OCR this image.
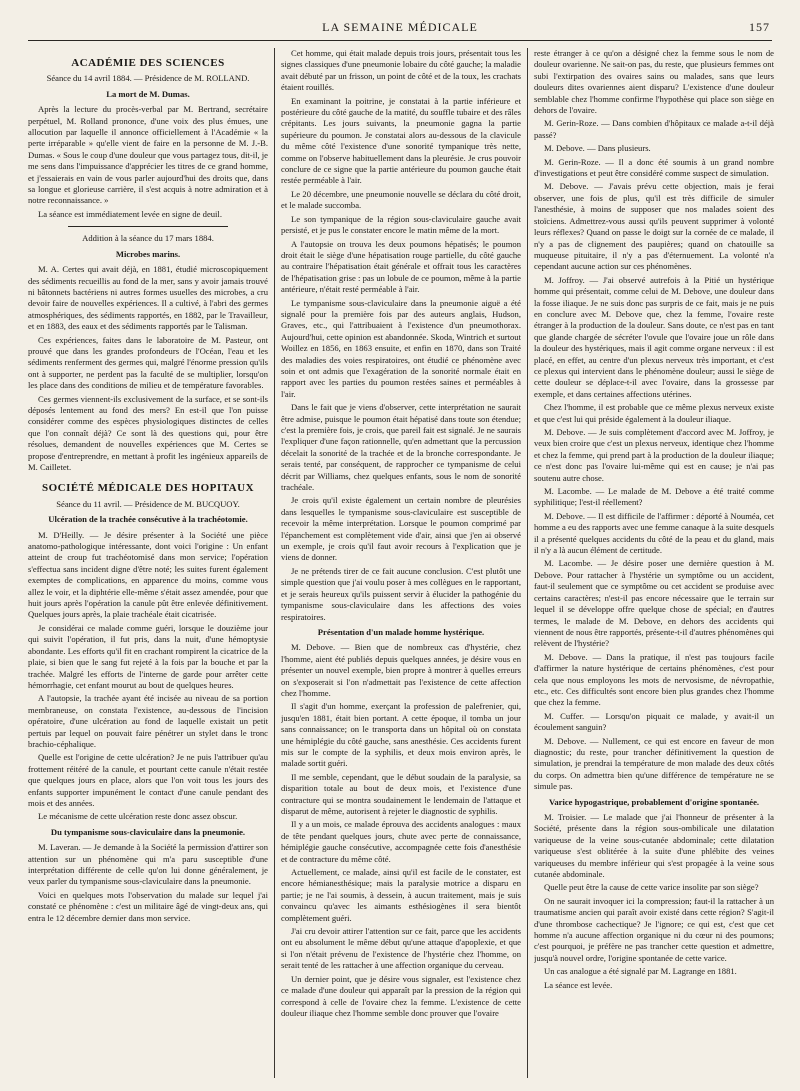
LA SEMAINE MÉDICALE	157
ACADÉMIE DES SCIENCES
Séance du 14 avril 1884. — Présidence de M. ROLLAND.
La mort de M. Dumas.

Après la lecture du procès-verbal par M. Bertrand, secrétaire perpétuel, M. Rolland prononce, d'une voix des plus émues, une allocution par laquelle il annonce officiellement à l'Académie « la perte irréparable » qu'elle vient de faire en la personne de M. J.-B. Dumas. « Sous le coup d'une douleur que vous partagez tous, dit-il, je me sens dans l'impuissance d'apprécier les titres de ce grand homme, et j'essaierais en vain de vous parler aujourd'hui des droits que, dans sa longue et glorieuse carrière, il s'est acquis à notre admiration et à notre reconnaissance. »

La séance est immédiatement levée en signe de deuil.

Addition à la séance du 17 mars 1884.
Microbes marins.

M. A. Certes qui avait déjà, en 1881, étudié microscopiquement des sédiments recueillis au fond de la mer, sans y avoir jamais trouvé ni bâtonnets bactériens ni autres formes usuelles des microbes, a cru devoir faire de nouvelles expériences. Il a cultivé, à l'abri des germes atmosphériques, des sédiments rapportés, en 1882, par le Travailleur, et en 1883, des eaux et des sédiments rapportés par le Talisman.

Ces expériences, faites dans le laboratoire de M. Pasteur, ont prouvé que dans les grandes profondeurs de l'Océan, l'eau et les sédiments renferment des germes qui, malgré l'énorme pression qu'ils ont à supporter, ne perdent pas la faculté de se multiplier, lorsqu'on les place dans des conditions de milieu et de température favorables.

Ces germes viennent-ils exclusivement de la surface, et se sont-ils déposés lentement au fond des mers? En est-il que l'on puisse considérer comme des espèces physiologiques distinctes de celles que l'on connaît déjà? Ce sont là des questions qui, pour être résolues, demandent de nouvelles expériences que M. Certes se propose d'entreprendre, en mettant à profit les ingénieux appareils de M. Cailletet.

SOCIÉTÉ MÉDICALE DES HOPITAUX
Séance du 11 avril. — Présidence de M. BUCQUOY.
Ulcération de la trachée consécutive à la trachéotomie.

M. D'Heilly. — Je désire présenter à la Société une pièce anatomo-pathologique intéressante, dont voici l'origine : Un enfant atteint de croup fut trachéotomisé dans mon service; l'opération s'effectua sans incident digne d'être noté; les suites furent également exemptes de complications, en apparence du moins, comme vous allez le voir, et la diphtérie elle-même s'était assez amendée, pour que huit jours après l'opération la canule pût être enlevée définitivement. Quelques jours après, la plaie trachéale était cicatrisée.

Je considérai ce malade comme guéri, lorsque le douzième jour qui suivit l'opération, il fut pris, dans la nuit, d'une hémoptysie abondante. Les efforts qu'il fit en crachant rompirent la cicatrice de la plaie, si bien que le sang fut rejeté à la fois par la bouche et par la trachée. Malgré les efforts de l'interne de garde pour arrêter cette hémorrhagie, cet enfant mourut au bout de quelques heures.

A l'autopsie, la trachée ayant été incisée au niveau de sa portion membraneuse, on constata l'existence, au-dessous de l'incision opératoire, d'une ulcération au fond de laquelle existait un petit pertuis par lequel on pouvait faire pénétrer un stylet dans le tronc brachio-céphalique.

Quelle est l'origine de cette ulcération? Je ne puis l'attribuer qu'au frottement réitéré de la canule, et pourtant cette canule n'était restée que quelques jours en place, alors que l'on voit tous les jours des enfants supporter impunément le contact d'une canule pendant des mois et des années.

Le mécanisme de cette ulcération reste donc assez obscur.

Du tympanisme sous-claviculaire dans la pneumonie.

M. Laveran. — Je demande à la Société la permission d'attirer son attention sur un phénomène qui m'a paru susceptible d'une interprétation différente de celle qu'on lui donne généralement, je veux parler du tympanisme sous-claviculaire dans la pneumonie.

Voici en quelques mots l'observation du malade sur lequel j'ai constaté ce phénomène : c'est un militaire âgé de vingt-deux ans, qui entra le 12 décembre dernier dans mon service.

Cet homme, qui était malade depuis trois jours, présentait tous les signes classiques d'une pneumonie lobaire du côté gauche; la maladie avait débuté par un frisson, un point de côté et de la toux, les crachats étaient rouillés.

En examinant la poitrine, je constatai à la partie inférieure et postérieure du côté gauche de la matité, du souffle tubaire et des râles crépitants. Les jours suivants, la pneumonie gagna la partie supérieure du poumon. Je constatai alors au-dessous de la clavicule du même côté l'existence d'une sonorité tympanique très nette, comme on l'observe habituellement dans la pleurésie. Je crus pouvoir conclure de ce signe que la partie antérieure du poumon gauche était restée perméable à l'air.

Le 20 décembre, une pneumonie nouvelle se déclara du côté droit, et le malade succomba.

Le son tympanique de la région sous-claviculaire gauche avait persisté, et je pus le constater encore le matin même de la mort.

A l'autopsie on trouva les deux poumons hépatisés; le poumon droit était le siège d'une hépatisation rouge partielle, du côté gauche au contraire l'hépatisation était générale et offrait tous les caractères de l'hépatisation grise : pas un lobule de ce poumon, même à la partie antérieure, n'était resté perméable à l'air.

Le tympanisme sous-claviculaire dans la pneumonie aiguë a été signalé pour la première fois par des auteurs anglais, Hudson, Graves, etc., qui l'attribuaient à l'existence d'un pneumothorax. Aujourd'hui, cette opinion est abandonnée. Skoda, Wintrich et surtout Woillez en 1856, en 1863 ensuite, et enfin en 1870, dans son Traité des maladies des voies respiratoires, ont étudié ce phénomène avec soin et ont admis que l'exagération de la sonorité normale était en rapport avec les parties du poumon restées saines et perméables à l'air.

Dans le fait que je viens d'observer, cette interprétation ne saurait être admise, puisque le poumon était hépatisé dans toute son étendue; c'est la première fois, je crois, que pareil fait est signalé. Je ne saurais l'expliquer d'une façon rationnelle, qu'en admettant que la percussion décelait la sonorité de la trachée et de la bronche correspondante. Je serais tenté, par conséquent, de rapprocher ce tympanisme de celui décrit par Williams, chez quelques enfants, sous le nom de sonorité trachéale.

Je crois qu'il existe également un certain nombre de pleurésies dans lesquelles le tympanisme sous-claviculaire est susceptible de recevoir la même interprétation. Lorsque le poumon comprimé par l'épanchement est complètement vide d'air, ainsi que j'en ai observé un exemple, je crois qu'il faut avoir recours à l'explication que je viens de donner.

Je ne prétends tirer de ce fait aucune conclusion. C'est plutôt une simple question que j'ai voulu poser à mes collègues en le rapportant, et je serais heureux qu'ils puissent servir à élucider la pathogénie du tympanisme sous-claviculaire dans les affections des voies respiratoires.

Présentation d'un malade homme hystérique.

M. Debove. — Bien que de nombreux cas d'hystérie, chez l'homme, aient été publiés depuis quelques années, je désire vous en présenter un nouvel exemple, bien propre à montrer à quelles erreurs on s'exposerait si l'on n'admettait pas l'existence de cette affection chez l'homme.

Il s'agit d'un homme, exerçant la profession de palefrenier, qui, jusqu'en 1881, était bien portant. A cette époque, il tomba un jour sans connaissance; on le transporta dans un hôpital où on constata une hémiplégie du côté gauche, sans anesthésie. Ces accidents furent mis sur le compte de la syphilis, et deux mois environ après, le malade sortit guéri.

Il me semble, cependant, que le début soudain de la paralysie, sa disparition totale au bout de deux mois, et l'existence d'une contracture qui se montra soudainement le lendemain de l'attaque et disparut de même, autorisent à rejeter le diagnostic de syphilis.

Il y a un mois, ce malade éprouva des accidents analogues : maux de tête pendant quelques jours, chute avec perte de connaissance, hémiplégie gauche consécutive, accompagnée cette fois d'anesthésie et de contracture du même côté.

Actuellement, ce malade, ainsi qu'il est facile de le constater, est encore hémianesthésique; mais la paralysie motrice a disparu en partie; je ne l'ai soumis, à dessein, à aucun traitement, mais je suis convaincu qu'avec les aimants esthésiogènes il sera bientôt complètement guéri.

J'ai cru devoir attirer l'attention sur ce fait, parce que les accidents ont eu absolument le même début qu'une attaque d'apoplexie, et que si l'on n'était prévenu de l'existence de l'hystérie chez l'homme, on serait tenté de les rattacher à une affection organique du cerveau.

Un dernier point, que je désire vous signaler, est l'existence chez ce malade d'une douleur qui apparaît par la pression de la région qui correspond à celle de l'ovaire chez la femme. L'existence de cette douleur iliaque chez l'homme semble donc prouver que l'ovaire

reste étranger à ce qu'on a désigné chez la femme sous le nom de douleur ovarienne. Ne sait-on pas, du reste, que plusieurs femmes ont subi l'extirpation des ovaires sains ou malades, sans que leurs douleurs dites ovariennes aient disparu? L'existence d'une douleur semblable chez l'homme confirme l'hypothèse qui place son siège en dehors de l'ovaire.

M. Gerin-Roze. — Dans combien d'hôpitaux ce malade a-t-il déjà passé?

M. Debove. — Dans plusieurs.

M. Gerin-Roze. — Il a donc été soumis à un grand nombre d'investigations et peut être considéré comme suspect de simulation.

M. Debove. — J'avais prévu cette objection, mais je ferai observer, une fois de plus, qu'il est très difficile de simuler l'anesthésie, à moins de supposer que nos malades soient des stoïciens. Admettrez-vous aussi qu'ils peuvent supprimer à volonté leurs réflexes? Quand on passe le doigt sur la cornée de ce malade, il n'y a pas de clignement des paupières; quand on chatouille sa muqueuse pituitaire, il n'y a pas d'éternuement. La volonté n'a cependant aucune action sur ces phénomènes.

M. Joffroy. — J'ai observé autrefois à la Pitié un hystérique homme qui présentait, comme celui de M. Debove, une douleur dans la fosse iliaque. Je ne suis donc pas surpris de ce fait, mais je ne puis en conclure avec M. Debove que, chez la femme, l'ovaire reste étranger à la production de la douleur. Sans doute, ce n'est pas en tant que glande chargée de sécréter l'ovule que l'ovaire joue un rôle dans la douleur des hystériques, mais il agit comme organe nerveux : il est placé, en effet, au centre d'un plexus nerveux très important, et c'est ce plexus qui intervient dans le phénomène douleur; aussi le siège de cette douleur se déplace-t-il avec l'ovaire, dans la grossesse par exemple, et dans certaines affections utérines.

Chez l'homme, il est probable que ce même plexus nerveux existe et que c'est lui qui préside également à la douleur iliaque.

M. Debove. — Je suis complètement d'accord avec M. Joffroy, je veux bien croire que c'est un plexus nerveux, identique chez l'homme et chez la femme, qui prend part à la production de la douleur iliaque; ce n'est donc pas l'ovaire lui-même qui est en cause; je n'ai pas soutenu autre chose.

M. Lacombe. — Le malade de M. Debove a été traité comme syphilitique; l'est-il réellement?

M. Debove. — Il est difficile de l'affirmer : déporté à Nouméa, cet homme a eu des rapports avec une femme canaque à la suite desquels il a présenté quelques accidents du côté de la peau et du gland, mais il n'y a là aucun élément de certitude.

M. Lacombe. — Je désire poser une dernière question à M. Debove. Pour rattacher à l'hystérie un symptôme ou un accident, faut-il seulement que ce symptôme ou cet accident se produise avec certains caractères; n'est-il pas encore nécessaire que le terrain sur lequel il se développe offre quelque chose de spécial; en d'autres termes, le malade de M. Debove, en dehors des accidents qui viennent de nous être rapportés, présente-t-il d'autres phénomènes qui relèvent de l'hystérie?

M. Debove. — Dans la pratique, il n'est pas toujours facile d'affirmer la nature hystérique de certains phénomènes, c'est pour cela que nous employons les mots de nervosisme, de névropathie, etc., etc. Ces difficultés sont encore bien plus grandes chez l'homme que chez la femme.

M. Cuffer. — Lorsqu'on piquait ce malade, y avait-il un écoulement sanguin?

M. Debove. — Nullement, ce qui est encore en faveur de mon diagnostic; du reste, pour trancher définitivement la question de simulation, je prendrai la température de mon malade des deux côtés du corps. On admettra bien qu'une différence de température ne se simule pas.

Varice hypogastrique, probablement d'origine spontanée.

M. Troisier. — Le malade que j'ai l'honneur de présenter à la Société, présente dans la région sous-ombilicale une dilatation variqueuse de la veine sous-cutanée abdominale; cette dilatation variqueuse s'est oblitérée à la suite d'une phlébite des veines variqueuses du membre inférieur qui s'est propagée à la veine sous cutanée abdominale.

Quelle peut être la cause de cette varice insolite par son siège?

On ne saurait invoquer ici la compression; faut-il la rattacher à un traumatisme ancien qui paraît avoir existé dans cette région? S'agit-il d'une thrombose cachectique? Je l'ignore; ce qui est, c'est que cet homme n'a aucune affection organique ni du cœur ni des poumons; c'est pourquoi, je préfère ne pas trancher cette question et admettre, jusqu'à nouvel ordre, l'origine spontanée de cette varice.

Un cas analogue a été signalé par M. Lagrange en 1881.

La séance est levée.
